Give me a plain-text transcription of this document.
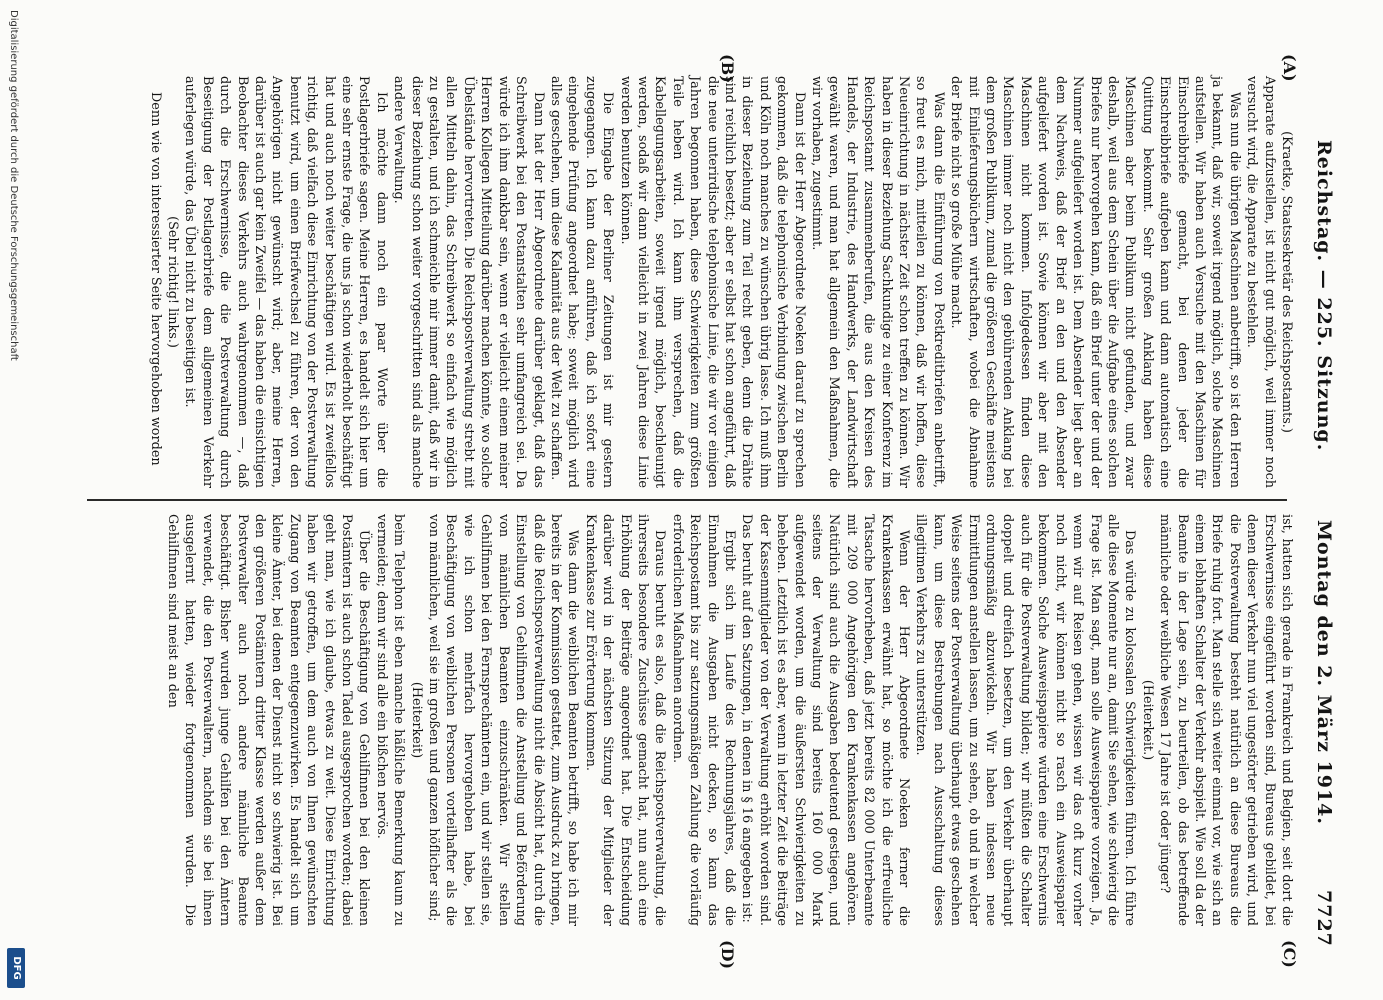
Reichstag. — 225. Sitzung.
Montag den 2. März 1914.
7727
(A)
(B)
(C)
(D)

(Kraetke, Staatssekretär des Reichspostamts.)

Apparate aufzustellen, ist nicht gut möglich, weil immer noch versucht wird, die Apparate zu bestehlen.

Was nun die übrigen Maschinen anbetrifft, so ist den Herren ja bekannt, daß wir, soweit irgend möglich, solche Maschinen aufstellen. Wir haben auch Versuche mit den Maschinen für Einschreibbriefe gemacht, bei denen jeder die Einschreibbriefe aufgeben kann und dann automatisch eine Quittung bekommt. Sehr großen Anklang haben diese Maschinen aber beim Publikum nicht gefunden, und zwar deshalb, weil aus dem Schein über die Aufgabe eines solchen Briefes nur hervorgehen kann, daß ein Brief unter der und der Nummer aufgeliefert worden ist. Dem Absender liegt aber an dem Nachweis, daß der Brief an den und den Absender aufgeliefert worden ist. Sowie können wir aber mit den Maschinen nicht kommen. Infolgedessen finden diese Maschinen immer noch nicht den gebührenden Anklang bei dem großen Publikum, zumal die größeren Geschäfte meistens mit Einlieferungsbüchern wirtschaften, wobei die Abnahme der Briefe nicht so große Mühe macht.

Was dann die Einführung von Postkreditbriefen anbetrifft, so freut es mich, mitteilen zu können, daß wir hoffen, diese Neueinrichtung in nächster Zeit schon treffen zu können. Wir haben in dieser Beziehung Sachkundige zu einer Konferenz im Reichspostamt zusammenberufen, die aus den Kreisen des Handels, der Industrie, des Handwerks, der Landwirtschaft gewählt waren, und man hat allgemein den Maßnahmen, die wir vorhaben, zugestimmt.

Dann ist der Herr Abgeordnete Noeken darauf zu sprechen gekommen, daß die telephonische Verbindung zwischen Berlin und Köln noch manches zu wünschen übrig lasse. Ich muß ihm in dieser Beziehung zum Teil recht geben, denn die Drähte sind reichlich besetzt; aber er selbst hat schon angeführt, daß die neue unterirdische telephonische Linie, die wir vor einigen Jahren begonnen haben, diese Schwierigkeiten zum größten Teile heben wird. Ich kann ihm versprechen, daß die Kabellegungsarbeiten, soweit irgend möglich, beschleunigt werden, sodaß wir dann vielleicht in zwei Jahren diese Linie werden benutzen können.

Die Eingabe der Berliner Zeitungen ist mir gestern zugegangen. Ich kann dazu anführen, daß ich sofort eine eingehende Prüfung angeordnet habe; soweit möglich wird alles geschehen, um diese Kalamität aus der Welt zu schaffen.

Dann hat der Herr Abgeordnete darüber geklagt, daß das Schreibwerk bei den Postanstalten sehr umfangreich sei. Da würde ich ihm dankbar sein, wenn er vielleicht einem meiner Herren Kollegen Mitteilung darüber machen könnte, wo solche Übelstände hervortreten. Die Reichspostverwaltung strebt mit allen Mitteln dahin, das Schreibwerk so einfach wie möglich zu gestalten, und ich schmeichle mir immer damit, daß wir in dieser Beziehung schon weiter vorgeschritten sind als manche andere Verwaltung.

Ich möchte dann noch ein paar Worte über die Postlagerbriefe sagen. Meine Herren, es handelt sich hier um eine sehr ernste Frage, die uns ja schon wiederholt beschäftigt hat und auch noch weiter beschäftigen wird. Es ist zweifellos richtig, daß vielfach diese Einrichtung von der Postverwaltung benutzt wird, um einen Briefwechsel zu führen, der von den Angehörigen nicht gewünscht wird; aber, meine Herren, darüber ist auch gar kein Zweifel — das haben die einsichtigen Beobachter dieses Verkehrs auch wahrgenommen —, daß durch die Erschwernisse, die die Postverwaltung durch Beseitigung der Postlagerbriefe dem allgemeinen Verkehr auferlegen würde, das Übel nicht zu beseitigen ist.

(Sehr richtig! links.)

Denn wie von interessierter Seite hervorgehoben worden

ist, hatten sich gerade in Frankreich und Belgien, seit dort die Erschwernisse eingeführt worden sind, Bureaus gebildet, bei denen dieser Verkehr nun viel ungestörter getrieben wird, und die Postverwaltung besteht natürlich an diese Bureaus die Briefe ruhig fort. Man stelle sich weiter einmal vor, wie sich an einem lebhaften Schalter der Verkehr abspielt. Wie soll da der Beamte in der Lage sein, zu beurteilen, ob das betreffende männliche oder weibliche Wesen 17 Jahre ist oder jünger?

(Heiterkeit.)

Das würde zu kolossalen Schwierigkeiten führen. Ich führe alle diese Momente nur an, damit Sie sehen, wie schwierig die Frage ist. Man sagt, man solle Ausweispapiere vorzeigen. Ja, wenn wir auf Reisen gehen, wissen wir das oft kurz vorher noch nicht, wir können nicht so rasch ein Ausweispapier bekommen. Solche Ausweispapiere würden eine Erschwernis auch für die Postverwaltung bilden; wir müßten die Schalter doppelt und dreifach besetzen, um den Verkehr überhaupt ordnungsmäßig abzuwickeln. Wir haben indessen neue Ermittlungen anstellen lassen, um zu sehen, ob und in welcher Weise seitens der Postverwaltung überhaupt etwas geschehen kann, um diese Bestrebungen nach Ausschaltung dieses illegitimen Verkehrs zu unterstützen.

Wenn der Herr Abgeordnete Noeken ferner die Krankenkassen erwähnt hat, so möchte ich die erfreuliche Tatsache hervorheben, daß jetzt bereits 82 000 Unterbeamte mit 209 000 Angehörigen den Krankenkassen angehören. Natürlich sind auch die Ausgaben bedeutend gestiegen, und seitens der Verwaltung sind bereits 160 000 Mark aufgewendet worden, um die äußersten Schwierigkeiten zu beheben. Letztlich ist es aber, wenn in letzter Zeit die Beiträge der Kassenmitglieder von der Verwaltung erhöht worden sind. Das beruht auf den Satzungen, in denen in § 16 angegeben ist:

Ergibt sich im Laufe des Rechnungsjahres, daß die Einnahmen die Ausgaben nicht decken, so kann das Reichspostamt bis zur satzungsmäßigen Zahlung die vorläufig erforderlichen Maßnahmen anordnen.

Daraus beruht es also, daß die Reichspostverwaltung, die ihrerseits besondere Zuschüsse gemacht hat, nun auch eine Erhöhung der Beiträge angeordnet hat. Die Entscheidung darüber wird in der nächsten Sitzung der Mitglieder der Krankenkasse zur Erörterung kommen.

Was dann die weiblichen Beamten betrifft, so habe ich mir bereits in der Kommission gestattet, zum Ausdruck zu bringen, daß die Reichspostverwaltung nicht die Absicht hat, durch die Einstellung von Gehilfinnen die Anstellung und Beförderung von männlichen Beamten einzuschränken. Wir stellen Gehilfinnen bei den Fernsprechämtern ein, und wir stellen sie, wie ich schon mehrfach hervorgehoben habe, bei Beschäftigung von weiblichen Personen vorteilhafter als die von männlichen, weil sie im großen und ganzen höflicher sind;

(Heiterkeit)

beim Telephon ist eben manche häßliche Bemerkung kaum zu vermeiden; denn wir sind alle ein bißchen nervös.

Über die Beschäftigung von Gehilfinnen bei den kleinen Postämtern ist auch schon Tadel ausgesprochen worden; dabei geht man, wie ich glaube, etwas zu weit. Diese Einrichtung haben wir getroffen, um dem auch von Ihnen gewünschten Zugang von Beamten entgegenzuwirken. Es handelt sich um kleine Ämter, bei denen der Dienst nicht so schwierig ist. Bei den größeren Postämtern dritter Klasse werden außer dem Postverwalter auch noch andere männliche Beamte beschäftigt. Bisher wurden junge Gehilfen bei den Ämtern verwendet, die den Postverwaltern, nachdem sie bei ihnen ausgelernt hatten, wieder fortgenommen wurden. Die Gehilfinnen sind meist an den

Digitalisierung gefördert durch die Deutsche Forschungsgemeinschaft
DFG
